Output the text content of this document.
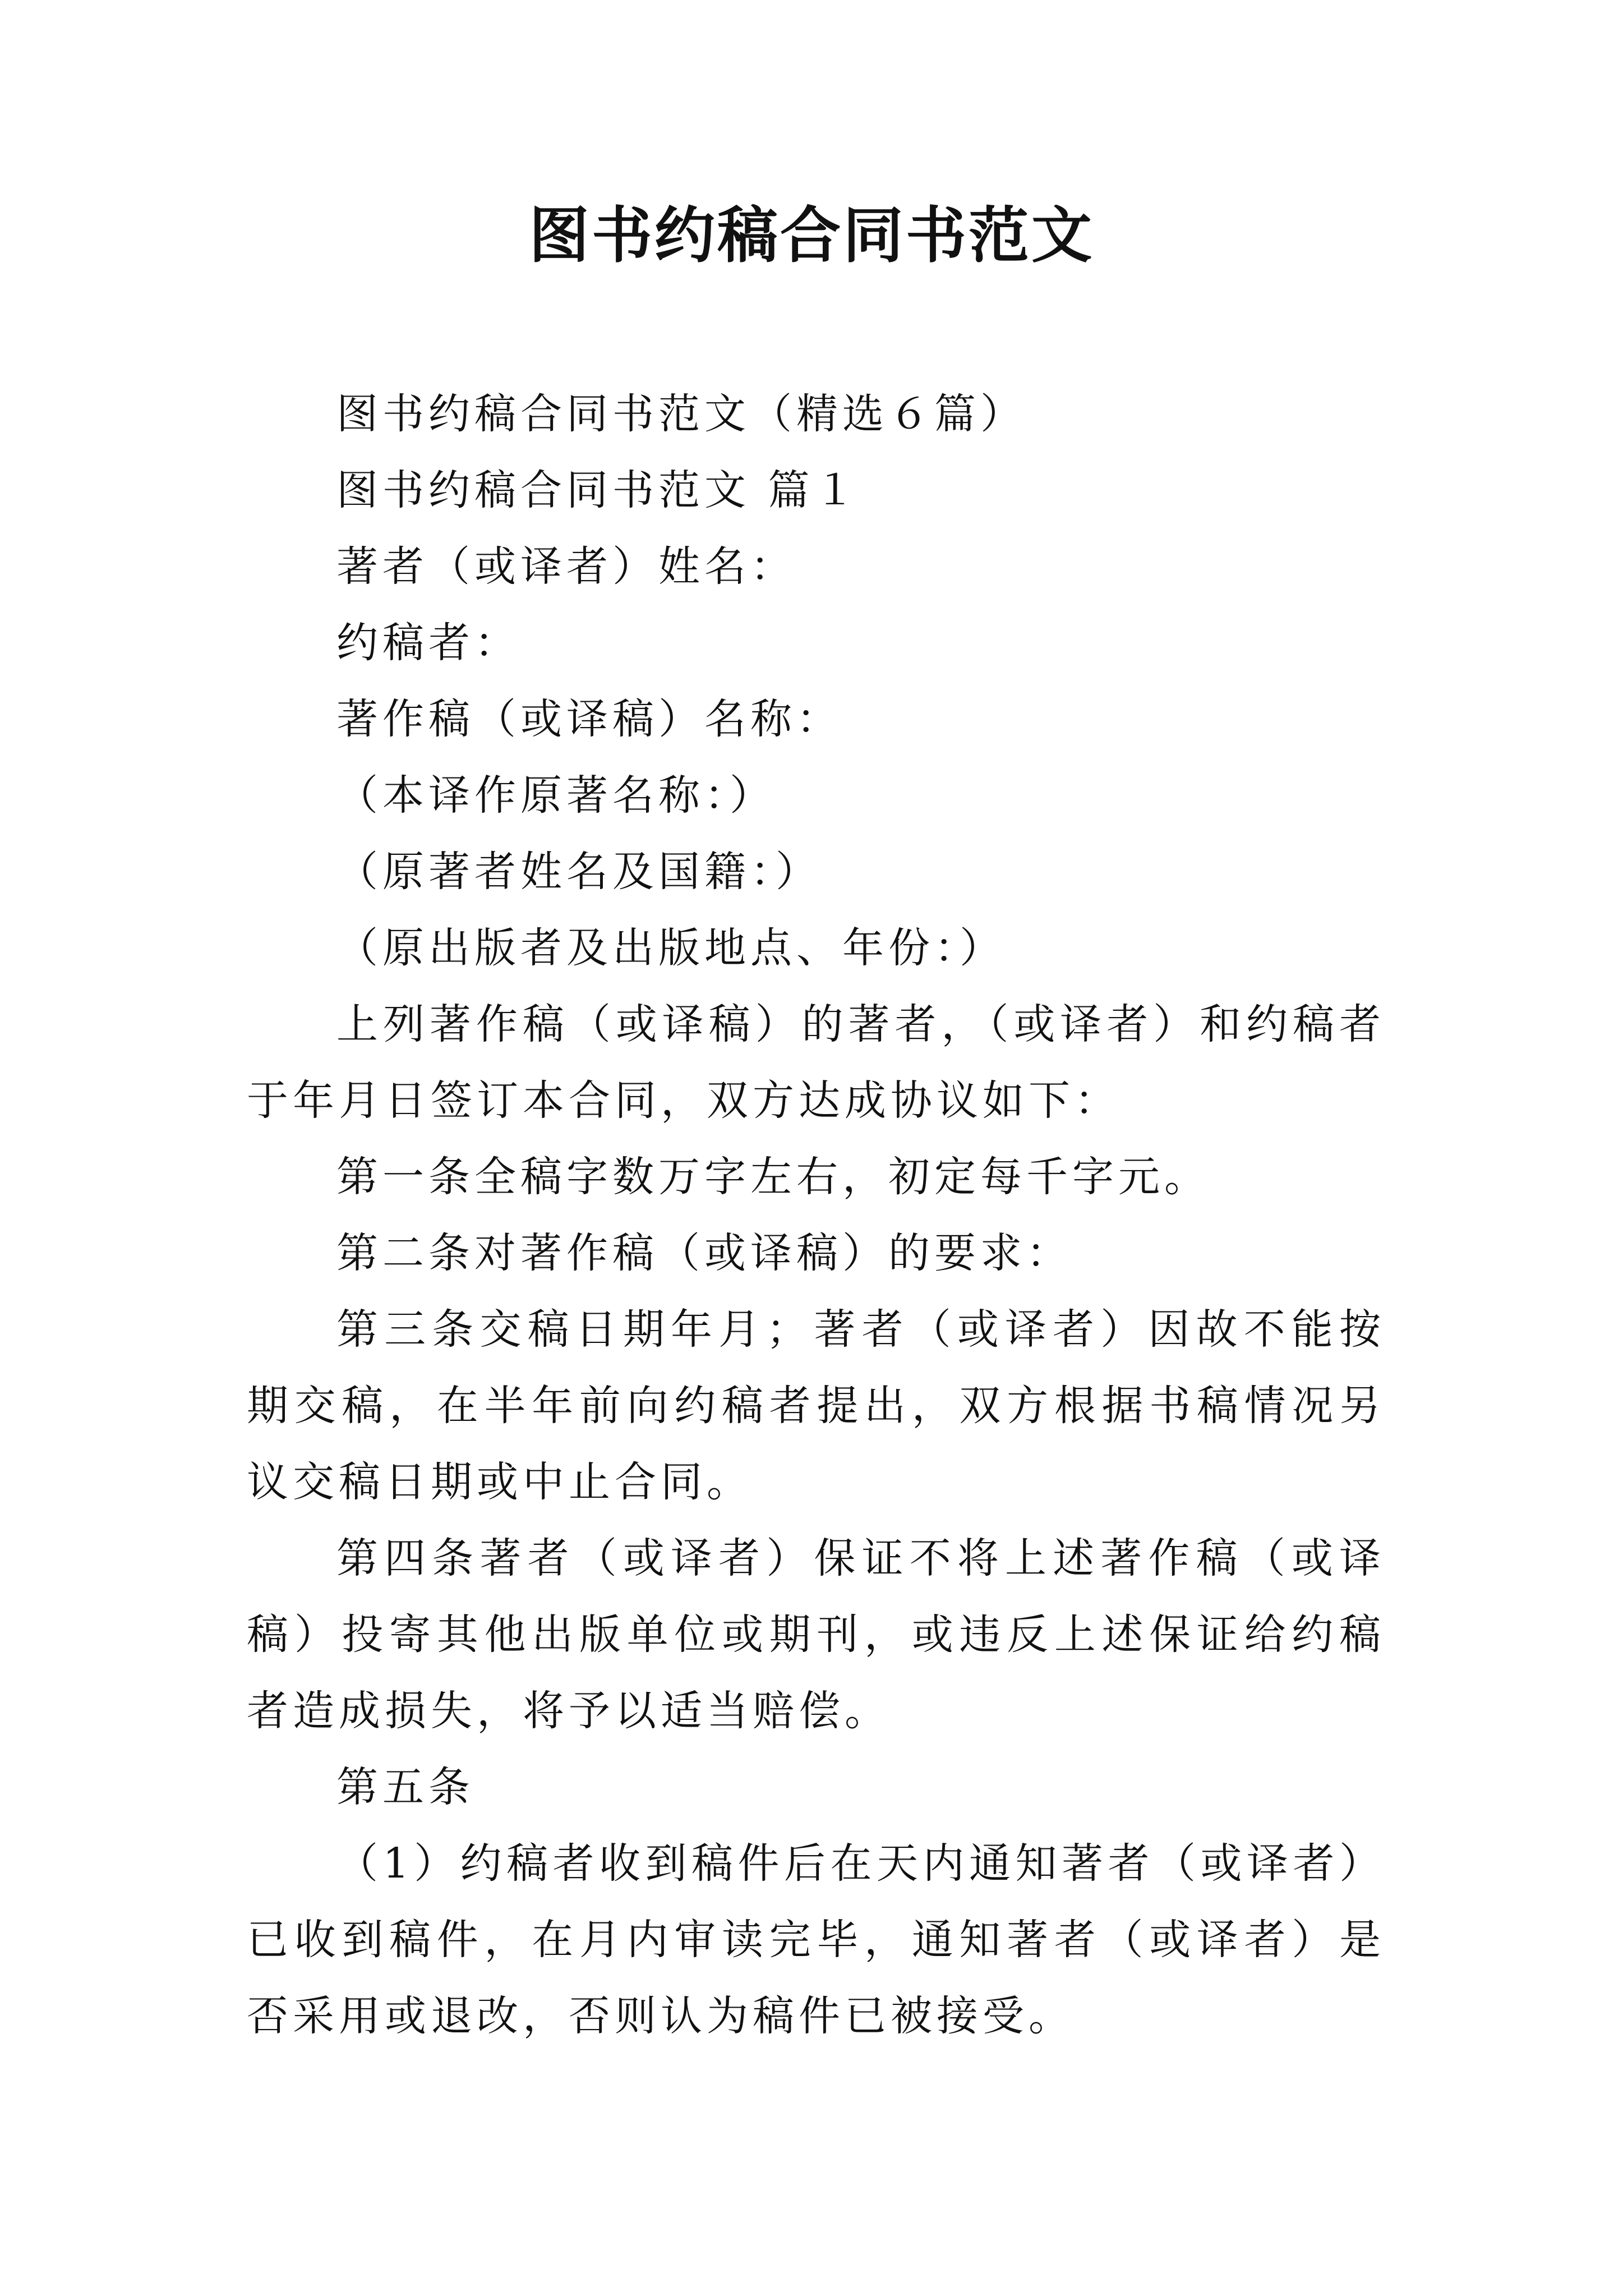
图书约稿合同书范文

图书约稿合同书范文（精选６篇）

图书约稿合同书范文 篇１

著者（或译者）姓名：

约稿者：

著作稿（或译稿）名称：

（本译作原著名称：）

（原著者姓名及国籍：）

（原出版者及出版地点、年份：）

上列著作稿（或译稿）的著者，（或译者）和约稿者于年月日签订本合同，双方达成协议如下：

第一条全稿字数万字左右，初定每千字元。

第二条对著作稿（或译稿）的要求：

第三条交稿日期年月；著者（或译者）因故不能按期交稿，在半年前向约稿者提出，双方根据书稿情况另议交稿日期或中止合同。

第四条著者（或译者）保证不将上述著作稿（或译稿）投寄其他出版单位或期刊，或违反上述保证给约稿者造成损失，将予以适当赔偿。

第五条

（1）约稿者收到稿件后在天内通知著者（或译者）已收到稿件，在月内审读完毕，通知著者（或译者）是否采用或退改，否则认为稿件已被接受。
